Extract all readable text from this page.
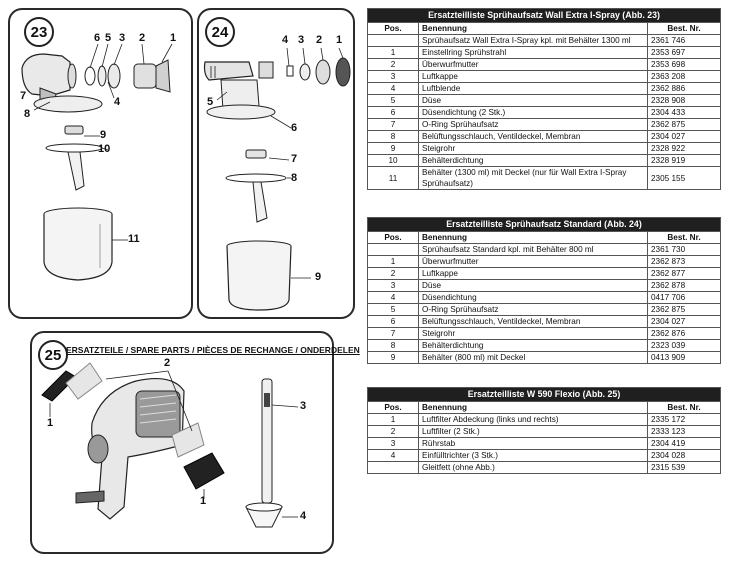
23	6 5 3 2 1
7	4
8
9
10
11
24	4 3 2 1
5
6
7
8
9
25	2
1
3
1
4
ERSATZTEILE / SPARE PARTS / PIÈCES DE RECHANGE / ONDERDELEN
Ersatzteilliste Sprühaufsatz Wall Extra I-Spray (Abb. 23)		
Pos.	Benennung	Best. Nr.
	Sprühaufsatz Wall Extra I-Spray kpl. mit Behälter 1300 ml	2361 746
1	Einstellring Sprühstrahl	2353 697
2	Überwurfmutter	2353 698
3	Luftkappe	2363 208
4	Luftblende	2362 886
5	Düse	2328 908
6	Düsendichtung (2 Stk.)	2304 433
7	O-Ring Sprühaufsatz	2362 875
8	Belüftungsschlauch, Ventildeckel, Membran	2304 027
9	Steigrohr	2328 922
10	Behälterdichtung	2328 919
11	Behälter (1300 ml) mit Deckel (nur für Wall Extra I-Spray Sprühaufsatz)	2305 155
Ersatzteilliste Sprühaufsatz Standard (Abb. 24)		
Pos.	Benennung	Best. Nr.
	Sprühaufsatz Standard kpl. mit Behälter 800 ml	2361 730
1	Überwurfmutter	2362 873
2	Luftkappe	2362 877
3	Düse	2362 878
4	Düsendichtung	0417 706
5	O-Ring Sprühaufsatz	2362 875
6	Belüftungsschlauch, Ventildeckel, Membran	2304 027
7	Steigrohr	2362 876
8	Behälterdichtung	2323 039
9	Behälter (800 ml) mit Deckel	0413 909
Ersatzteilliste W 590 Flexio (Abb. 25)		
Pos.	Benennung	Best. Nr.
1	Luftfilter Abdeckung (links und rechts)	2335 172
2	Luftfilter (2 Stk.)	2333 123
3	Rührstab	2304 419
4	Einfülltrichter (3 Stk.)	2304 028
	Gleitfett (ohne Abb.)	2315 539
